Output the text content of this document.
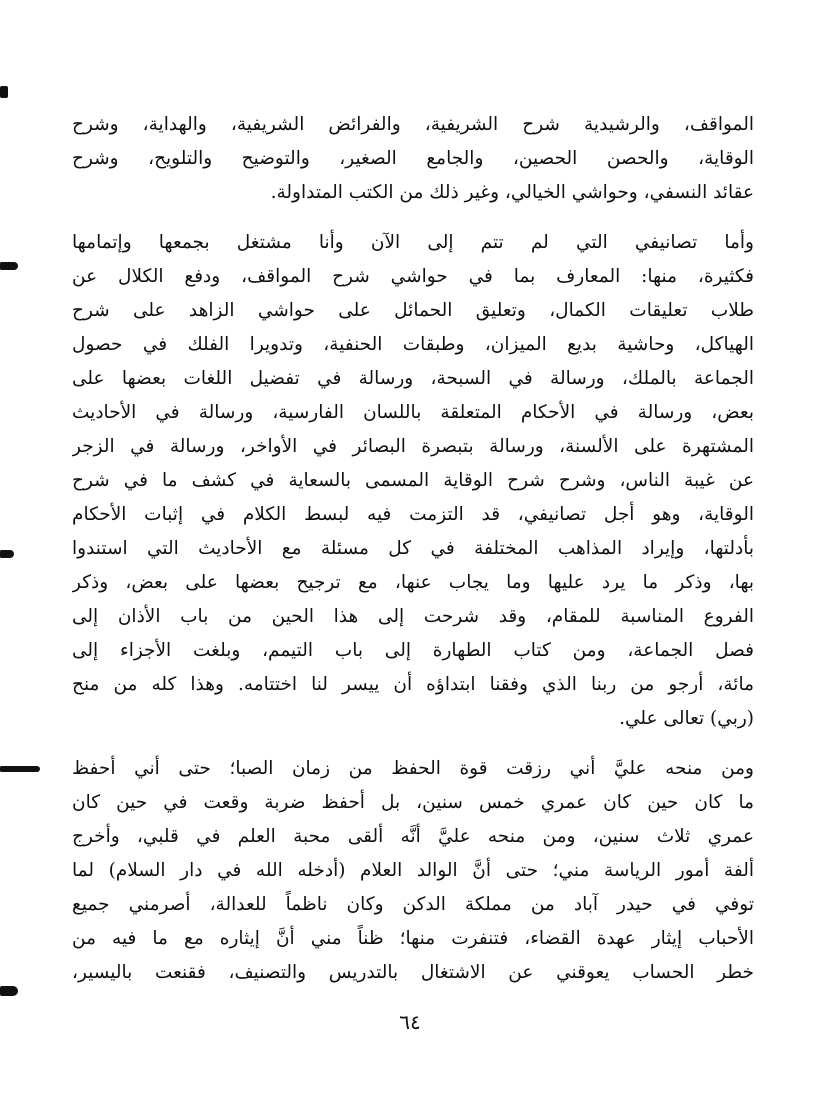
المواقف، والرشيدية شرح الشريفية، والفرائض الشريفية، والهداية، وشرح
الوقاية، والحصن الحصين، والجامع الصغير، والتوضيح والتلويح، وشرح
عقائد النسفي، وحواشي الخيالي، وغير ذلك من الكتب المتداولة.
وأما تصانيفي التي لم تتم إلى الآن وأنا مشتغل بجمعها وإتمامها
فكثيرة، منها: المعارف بما في حواشي شرح المواقف، ودفع الكلال عن
طلاب تعليقات الكمال، وتعليق الحمائل على حواشي الزاهد على شرح
الهياكل، وحاشية بديع الميزان، وطبقات الحنفية، وتدويرا الفلك في حصول
الجماعة بالملك، ورسالة في السبحة، ورسالة في تفضيل اللغات بعضها على
بعض، ورسالة في الأحكام المتعلقة باللسان الفارسية، ورسالة في الأحاديث
المشتهرة على الألسنة، ورسالة بتبصرة البصائر في الأواخر، ورسالة في الزجر
عن غيبة الناس، وشرح شرح الوقاية المسمى بالسعاية في كشف ما في شرح
الوقاية، وهو أجل تصانيفي، قد التزمت فيه لبسط الكلام في إثبات الأحكام
بأدلتها، وإيراد المذاهب المختلفة في كل مسئلة مع الأحاديث التي استندوا
بها، وذكر ما يرد عليها وما يجاب عنها، مع ترجيح بعضها على بعض، وذكر
الفروع المناسبة للمقام، وقد شرحت إلى هذا الحين من باب الأذان إلى
فصل الجماعة، ومن كتاب الطهارة إلى باب التيمم، وبلغت الأجزاء إلى
مائة، أرجو من ربنا الذي وفقنا ابتداؤه أن ييسر لنا اختتامه. وهذا كله من منح
(ربي) تعالى علي.
ومن منحه عليَّ أني رزقت قوة الحفظ من زمان الصبا؛ حتى أني أحفظ
ما كان حين كان عمري خمس سنين، بل أحفظ ضربة وقعت في حين كان
عمري ثلاث سنين، ومن منحه عليَّ أنَّه ألقى محبة العلم في قلبي، وأخرج
ألفة أمور الرياسة مني؛ حتى أنَّ الوالد العلام (أدخله الله في دار السلام) لما
توفي في حيدر آباد من مملكة الدكن وكان ناظماً للعدالة، أصرمني جميع
الأحباب إيثار عهدة القضاء، فتنفرت منها؛ ظناً مني أنَّ إيثاره مع ما فيه من
خطر الحساب يعوقني عن الاشتغال بالتدريس والتصنيف، فقنعت باليسير،
٦٤
